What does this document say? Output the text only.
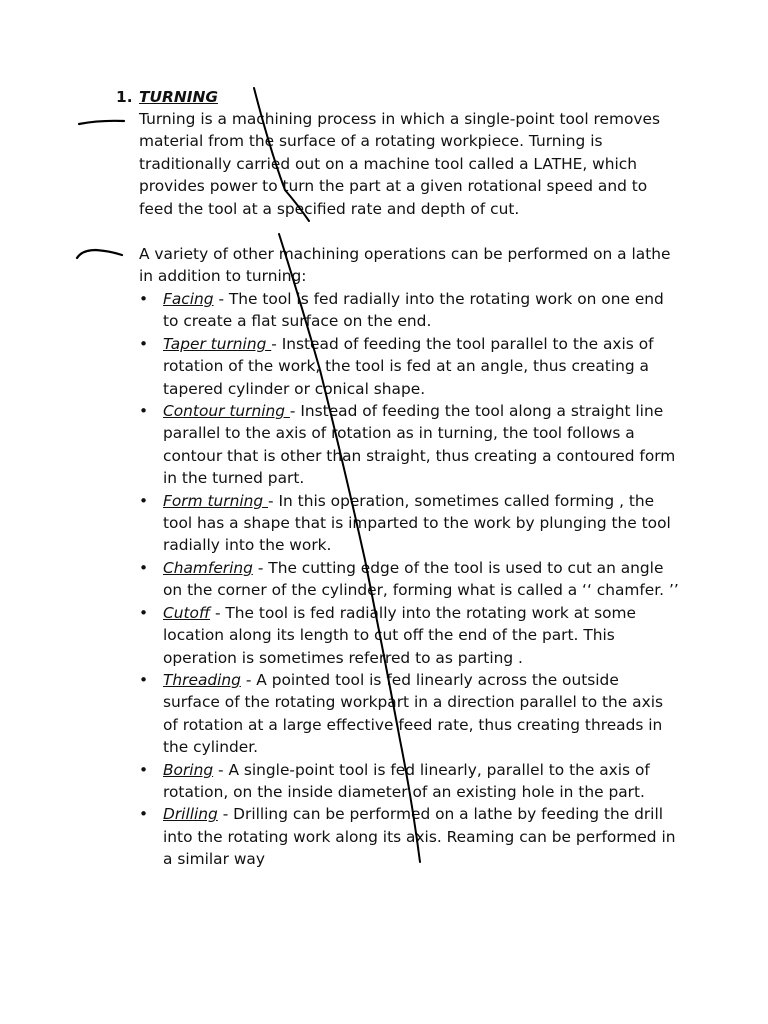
1. TURNING

Turning is a machining process in which a single-point tool removes material from the surface of a rotating workpiece. Turning is traditionally carried out on a machine tool called a LATHE, which provides power to turn the part at a given rotational speed and to feed the tool at a specified rate and depth of cut.

A variety of other machining operations can be performed on a lathe in addition to turning:

• Facing - The tool is fed radially into the rotating work on one end to create a flat surface on the end.
• Taper turning - Instead of feeding the tool parallel to the axis of rotation of the work, the tool is fed at an angle, thus creating a tapered cylinder or conical shape.
• Contour turning - Instead of feeding the tool along a straight line parallel to the axis of rotation as in turning, the tool follows a contour that is other than straight, thus creating a contoured form in the turned part.
• Form turning - In this operation, sometimes called forming , the tool has a shape that is imparted to the work by plunging the tool radially into the work.
• Chamfering - The cutting edge of the tool is used to cut an angle on the corner of the cylinder, forming what is called a ‘‘ chamfer. ’’
• Cutoff - The tool is fed radially into the rotating work at some location along its length to cut off the end of the part. This operation is sometimes referred to as parting .
• Threading - A pointed tool is fed linearly across the outside surface of the rotating workpart in a direction parallel to the axis of rotation at a large effective feed rate, thus creating threads in the cylinder.
• Boring - A single-point tool is fed linearly, parallel to the axis of rotation, on the inside diameter of an existing hole in the part.
• Drilling - Drilling can be performed on a lathe by feeding the drill into the rotating work along its axis. Reaming can be performed in a similar way
